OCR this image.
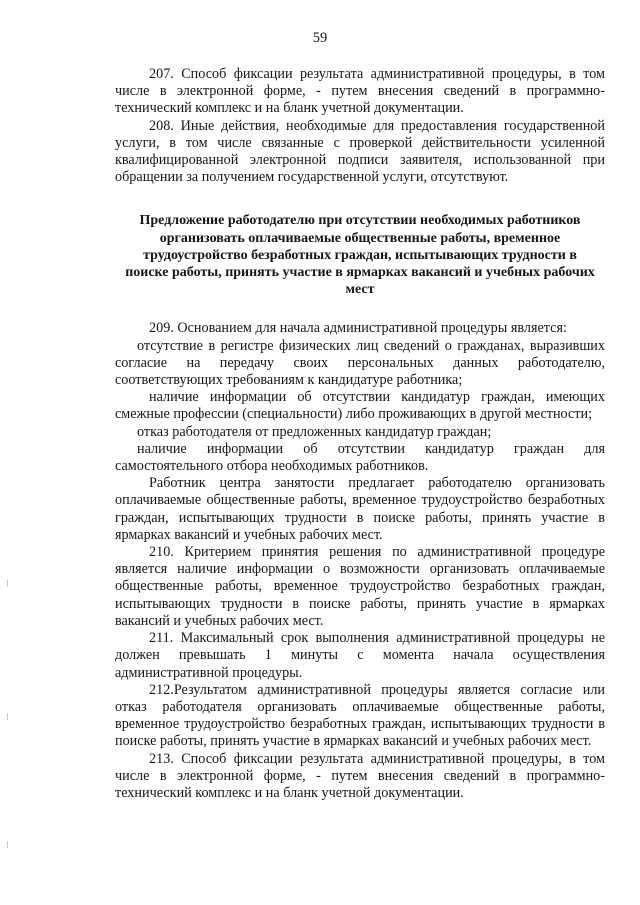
59

207. Способ фиксации результата административной процедуры, в том числе в электронной форме, - путем внесения сведений в программно-технический комплекс и на бланк учетной документации.

208. Иные действия, необходимые для предоставления государственной услуги, в том числе связанные с проверкой действительности усиленной квалифицированной электронной подписи заявителя, использованной при обращении за получением государственной услуги, отсутствуют.

Предложение работодателю при отсутствии необходимых работников организовать оплачиваемые общественные работы, временное трудоустройство безработных граждан, испытывающих трудности в поиске работы, принять участие в ярмарках вакансий и учебных рабочих мест

209. Основанием для начала административной процедуры является:

отсутствие в регистре физических лиц сведений о гражданах, выразивших согласие на передачу своих персональных данных работодателю, соответствующих требованиям к кандидатуре работника;

наличие информации об отсутствии кандидатур граждан, имеющих смежные профессии (специальности) либо проживающих в другой местности;

отказ работодателя от предложенных кандидатур граждан;

наличие информации об отсутствии кандидатур граждан для самостоятельного отбора необходимых работников.

Работник центра занятости предлагает работодателю организовать оплачиваемые общественные работы, временное трудоустройство безработных граждан, испытывающих трудности в поиске работы, принять участие в ярмарках вакансий и учебных рабочих мест.

210. Критерием принятия решения по административной процедуре является наличие информации о возможности организовать оплачиваемые общественные работы, временное трудоустройство безработных граждан, испытывающих трудности в поиске работы, принять участие в ярмарках вакансий и учебных рабочих мест.

211. Максимальный срок выполнения административной процедуры не должен превышать 1 минуты с момента начала осуществления административной процедуры.

212.Результатом административной процедуры является согласие или отказ работодателя организовать оплачиваемые общественные работы, временное трудоустройство безработных граждан, испытывающих трудности в поиске работы, принять участие в ярмарках вакансий и учебных рабочих мест.

213. Способ фиксации результата административной процедуры, в том числе в электронной форме, - путем внесения сведений в программно-технический комплекс и на бланк учетной документации.

⁝
⁝
⁝
